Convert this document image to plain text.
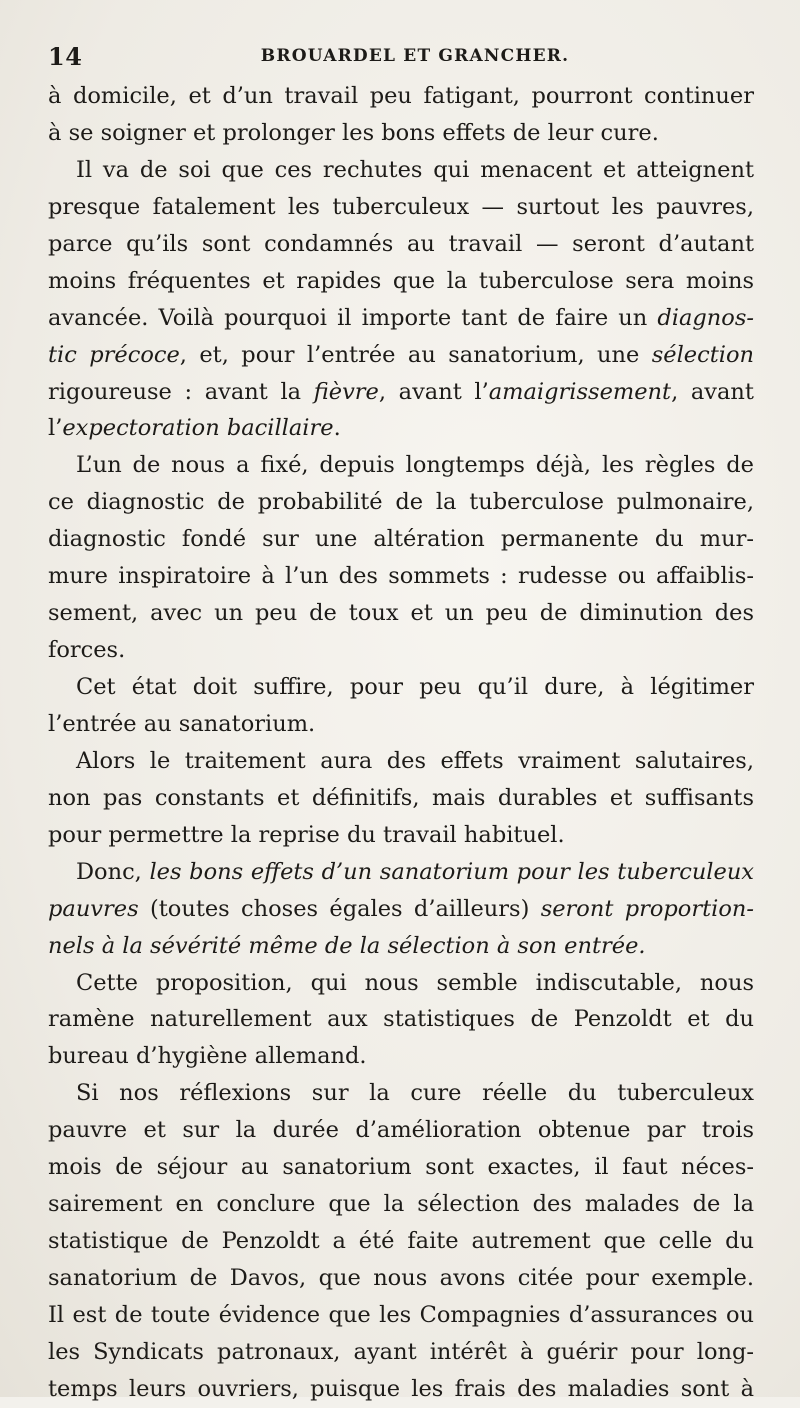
14	BROUARDEL ET GRANCHER.
à domicile, et d’un travail peu fatigant, pourront continuer
à se soigner et prolonger les bons effets de leur cure.
Il va de soi que ces rechutes qui menacent et atteignent
presque fatalement les tuberculeux — surtout les pauvres,
parce qu’ils sont condamnés au travail — seront d’autant
moins fréquentes et rapides que la tuberculose sera moins
avancée. Voilà pourquoi il importe tant de faire un diagnos-
tic précoce, et, pour l’entrée au sanatorium, une sélection
rigoureuse : avant la fièvre, avant l’amaigrissement, avant
l’expectoration bacillaire.
L’un de nous a fixé, depuis longtemps déjà, les règles de
ce diagnostic de probabilité de la tuberculose pulmonaire,
diagnostic fondé sur une altération permanente du mur-
mure inspiratoire à l’un des sommets : rudesse ou affaiblis-
sement, avec un peu de toux et un peu de diminution des
forces.
Cet état doit suffire, pour peu qu’il dure, à légitimer
l’entrée au sanatorium.
Alors le traitement aura des effets vraiment salutaires,
non pas constants et définitifs, mais durables et suffisants
pour permettre la reprise du travail habituel.
Donc, les bons effets d’un sanatorium pour les tuberculeux
pauvres (toutes choses égales d’ailleurs) seront proportion-
nels à la sévérité même de la sélection à son entrée.
Cette proposition, qui nous semble indiscutable, nous
ramène naturellement aux statistiques de Penzoldt et du
bureau d’hygiène allemand.
Si nos réflexions sur la cure réelle du tuberculeux
pauvre et sur la durée d’amélioration obtenue par trois
mois de séjour au sanatorium sont exactes, il faut néces-
sairement en conclure que la sélection des malades de la
statistique de Penzoldt a été faite autrement que celle du
sanatorium de Davos, que nous avons citée pour exemple.
Il est de toute évidence que les Compagnies d’assurances ou
les Syndicats patronaux, ayant intérêt à guérir pour long-
temps leurs ouvriers, puisque les frais des maladies sont à
